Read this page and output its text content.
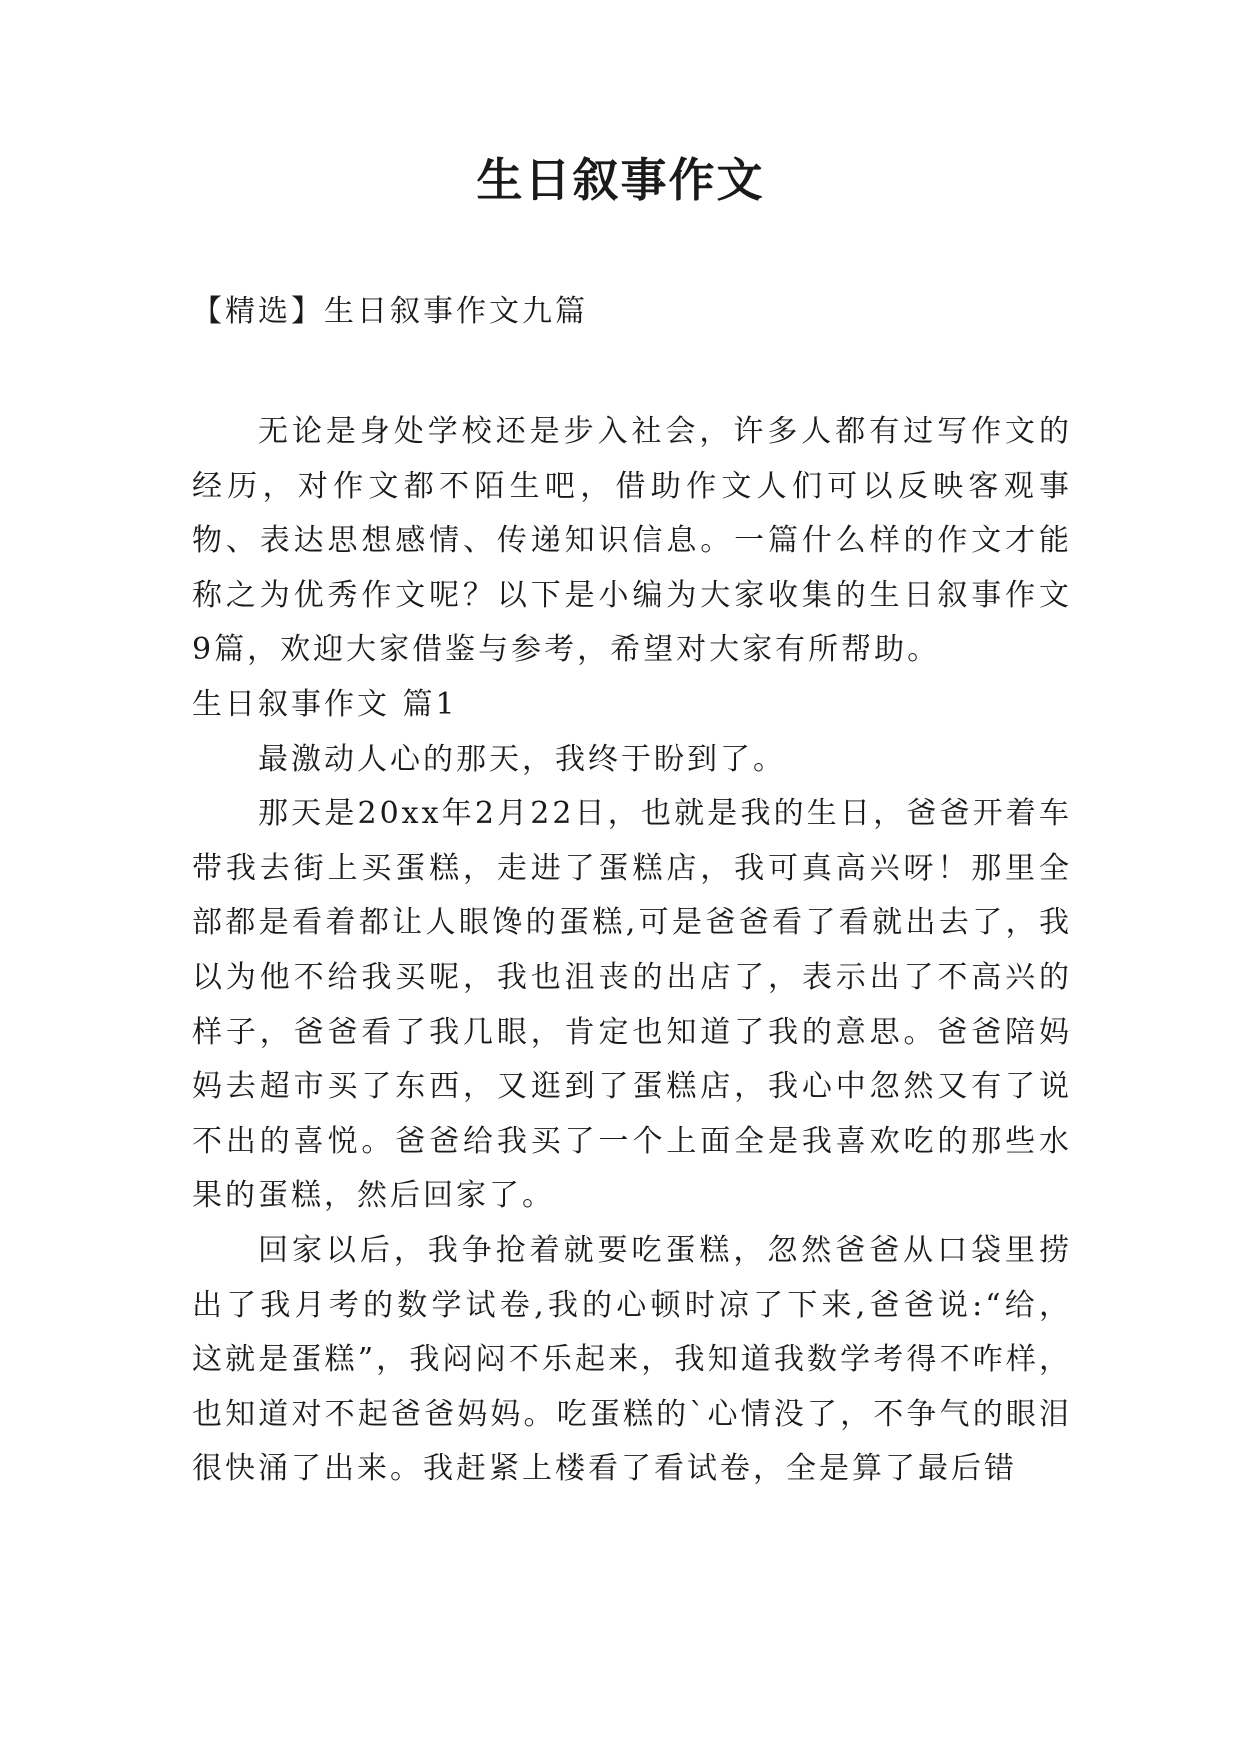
生日叙事作文
【精选】生日叙事作文九篇

无论是身处学校还是步入社会，许多人都有过写作文的经历，对作文都不陌生吧，借助作文人们可以反映客观事物、表达思想感情、传递知识信息。一篇什么样的作文才能称之为优秀作文呢？以下是小编为大家收集的生日叙事作文9篇，欢迎大家借鉴与参考，希望对大家有所帮助。

生日叙事作文 篇1

最激动人心的那天，我终于盼到了。

那天是20xx年2月22日，也就是我的生日，爸爸开着车带我去街上买蛋糕，走进了蛋糕店，我可真高兴呀！那里全部都是看着都让人眼馋的蛋糕,可是爸爸看了看就出去了，我以为他不给我买呢，我也沮丧的出店了，表示出了不高兴的样子，爸爸看了我几眼，肯定也知道了我的意思。爸爸陪妈妈去超市买了东西，又逛到了蛋糕店，我心中忽然又有了说不出的喜悦。爸爸给我买了一个上面全是我喜欢吃的那些水果的蛋糕，然后回家了。

回家以后，我争抢着就要吃蛋糕，忽然爸爸从口袋里捞出了我月考的数学试卷,我的心顿时凉了下来,爸爸说:“给，这就是蛋糕”，我闷闷不乐起来，我知道我数学考得不咋样，也知道对不起爸爸妈妈。吃蛋糕的`心情没了，不争气的眼泪很快涌了出来。我赶紧上楼看了看试卷，全是算了最后错
